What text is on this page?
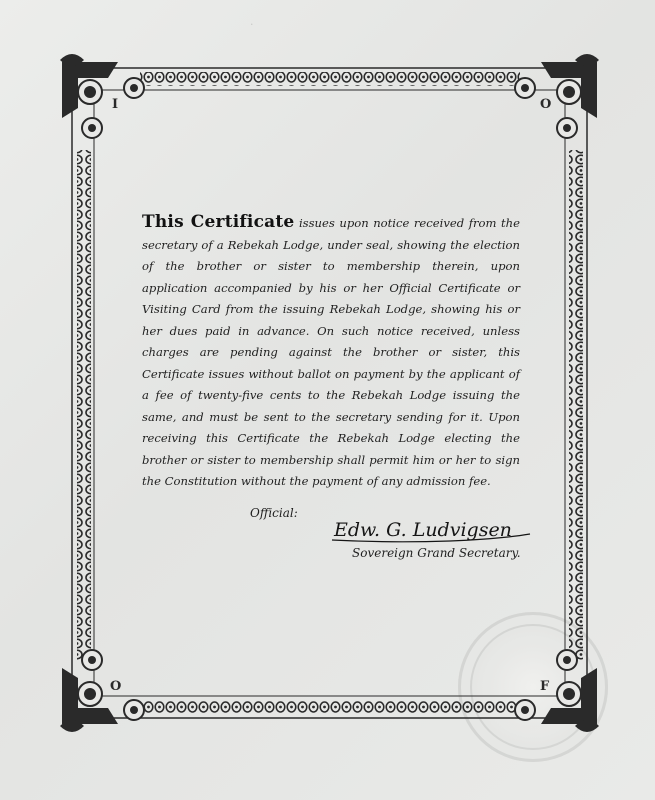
·
I	O
O	F
This Certificate issues upon notice received from the secretary of a Rebekah Lodge, under seal, showing the election of the brother or sister to membership therein, upon application accompanied by his or her Official Certificate or Visiting Card from the issuing Rebekah Lodge, showing his or her dues paid in advance. On such notice received, unless charges are pending against the brother or sister, this Certificate issues without ballot on payment by the applicant of a fee of twenty-five cents to the Rebekah Lodge issuing the same, and must be sent to the secretary sending for it. Upon receiving this Certificate the Rebekah Lodge electing the brother or sister to membership shall permit him or her to sign the Constitution without the payment of any admission fee.
Official:
Edw. G. Ludvigsen
Sovereign Grand Secretary.
